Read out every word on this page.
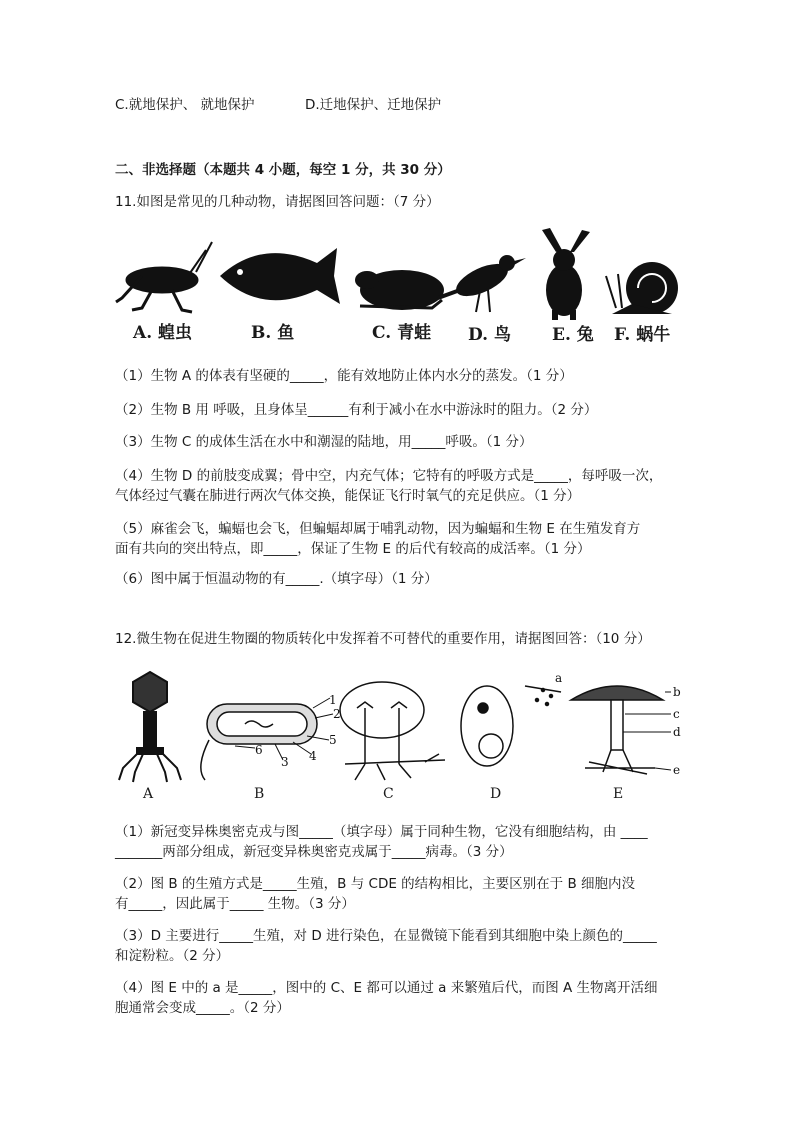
C.就地保护、 就地保护	D.迁地保护、迁地保护
二、非选择题（本题共 4 小题，每空 1 分，共 30 分）
11.如图是常见的几种动物，请据图回答问题：（7 分）
A. 蝗虫	B. 鱼	C. 青蛙 D. 鸟 E. 兔 F. 蜗牛
（1）生物 A 的体表有坚硬的_____，能有效地防止体内水分的蒸发。（1 分）
（2）生物 B 用 呼吸，且身体呈______有利于减小在水中游泳时的阻力。（2 分）
（3）生物 C 的成体生活在水中和潮湿的陆地，用_____呼吸。（1 分）
（4）生物 D 的前肢变成翼；骨中空，内充气体；它特有的呼吸方式是_____，每呼吸一次，
气体经过气囊在肺进行两次气体交换，能保证飞行时氧气的充足供应。（1 分）
（5）麻雀会飞，蝙蝠也会飞，但蝙蝠却属于哺乳动物，因为蝙蝠和生物 E 在生殖发育方
面有共向的突出特点，即_____，保证了生物 E 的后代有较高的成活率。（1 分）
（6）图中属于恒温动物的有_____.（填字母）（1 分）
12.微生物在促进生物圈的物质转化中发挥着不可替代的重要作用，请据图回答：（10 分）
1
2
5
4
3
6
a
b
c
d
e
A	B	C	D	E
（1）新冠变异株奥密克戎与图_____（填字母）属于同种生物，它没有细胞结构，由 ____
_______两部分组成，新冠变异株奥密克戎属于_____病毒。（3 分）
（2）图 B 的生殖方式是_____生殖，B 与 CDE 的结构相比，主要区别在于 B 细胞内没
有_____，因此属于_____ 生物。（3 分）
（3）D 主要进行_____生殖，对 D 进行染色，在显微镜下能看到其细胞中染上颜色的_____
和淀粉粒。（2 分）
（4）图 E 中的 a 是_____，图中的 C、E 都可以通过 a 来繁殖后代，而图 A 生物离开活细
胞通常会变成_____。（2 分）
